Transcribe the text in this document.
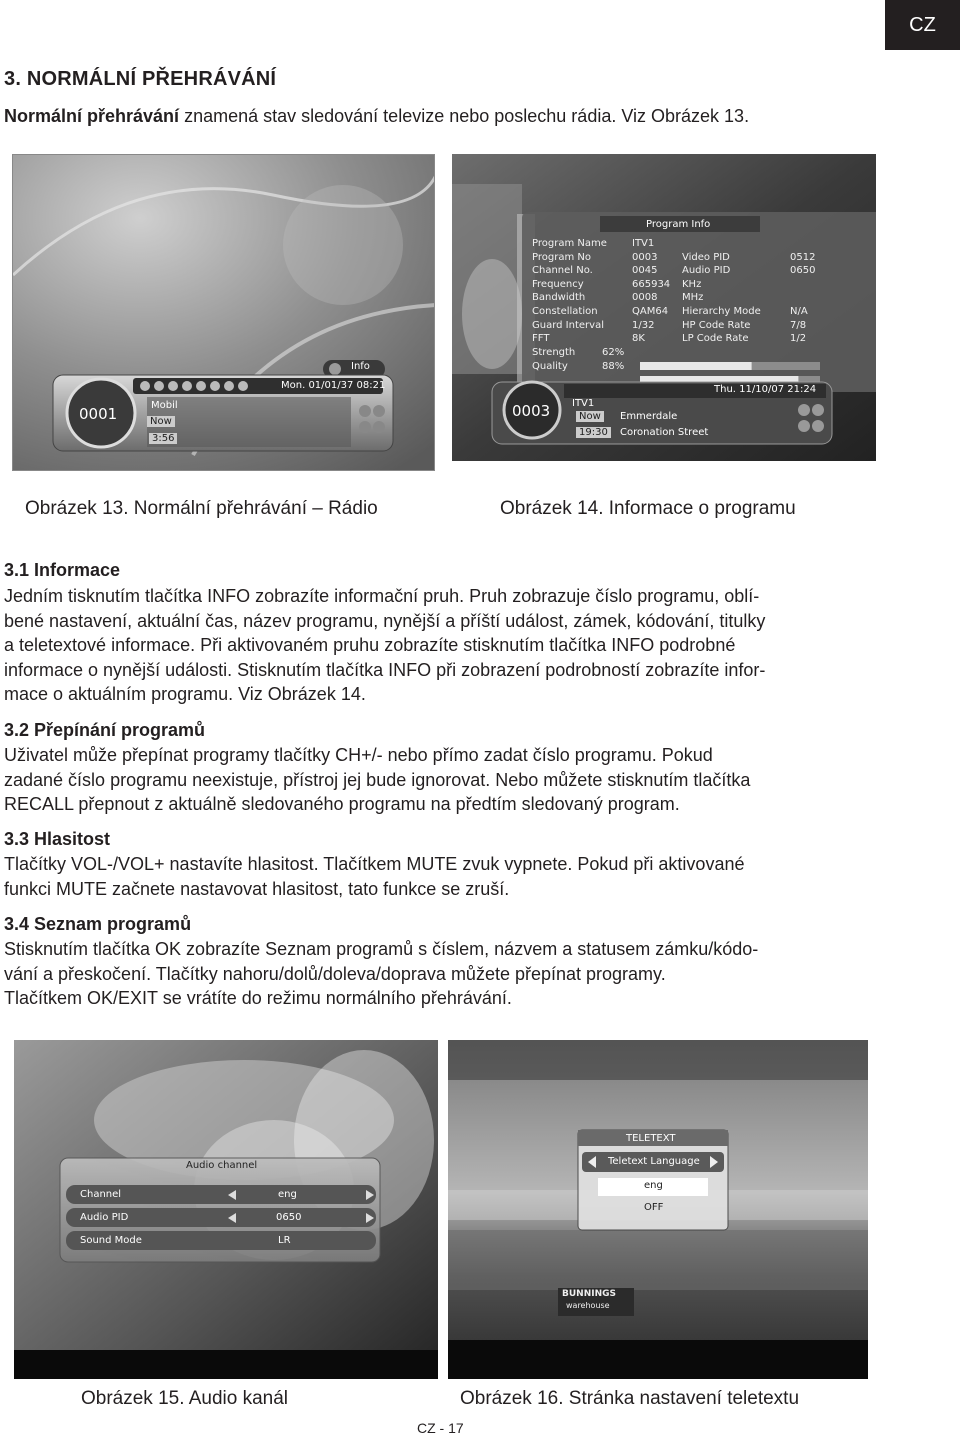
CZ
3. NORMÁLNÍ PŘEHRÁVÁNÍ
Normální přehrávání znamená stav sledování televize nebo poslechu rádia. Viz Obrázek 13.
Info
Mon. 01/01/37 08:21
0001	Mobil
Now
3:56
Program Info
Program Name	ITV1
Program No	0003 Video PID	0512
Channel No.	0045 Audio PID	0650
Frequency	665934 KHz
Bandwidth	0008 MHz
Constellation	QAM64 Hierarchy Mode	N/A
Guard Interval	1/32	HP Code Rate	7/8
FFT	8K	LP Code Rate	1/2
Strength	62%
Quality	88%
Thu. 11/10/07 21:24
0003 ITV1
Now	Emmerdale
19:30	Coronation Street
Obrázek 13. Normální přehrávání – Rádio	Obrázek 14. Informace o programu
3.1 Informace
Jedním tisknutím tlačítka INFO zobrazíte informační pruh. Pruh zobrazuje číslo programu, oblí-
bené nastavení, aktuální čas, název programu, nynější a příští událost, zámek, kódování, titulky
a teletextové informace. Při aktivovaném pruhu zobrazíte stisknutím tlačítka INFO podrobné
informace o nynější události. Stisknutím tlačítka INFO při zobrazení podrobností zobrazíte infor-
mace o aktuálním programu. Viz Obrázek 14.
3.2 Přepínání programů
Uživatel může přepínat programy tlačítky CH+/- nebo přímo zadat číslo programu. Pokud
zadané číslo programu neexistuje, přístroj jej bude ignorovat. Nebo můžete stisknutím tlačítka
RECALL přepnout z aktuálně sledovaného programu na předtím sledovaný program.
3.3 Hlasitost
Tlačítky VOL-/VOL+ nastavíte hlasitost. Tlačítkem MUTE zvuk vypnete. Pokud při aktivované
funkci MUTE začnete nastavovat hlasitost, tato funkce se zruší.
3.4 Seznam programů
Stisknutím tlačítka OK zobrazíte Seznam programů s číslem, názvem a statusem zámku/kódo-
vání a přeskočení. Tlačítky nahoru/dolů/doleva/doprava můžete přepínat programy.
Tlačítkem OK/EXIT se vrátíte do režimu normálního přehrávání.
Audio channel
Channel	eng
Audio PID	0650
Sound Mode	LR
TELETEXT
Teletext Language
eng
OFF
BUNNINGS
warehouse
Obrázek 15. Audio kanál	Obrázek 16. Stránka nastavení teletextu
CZ - 17
